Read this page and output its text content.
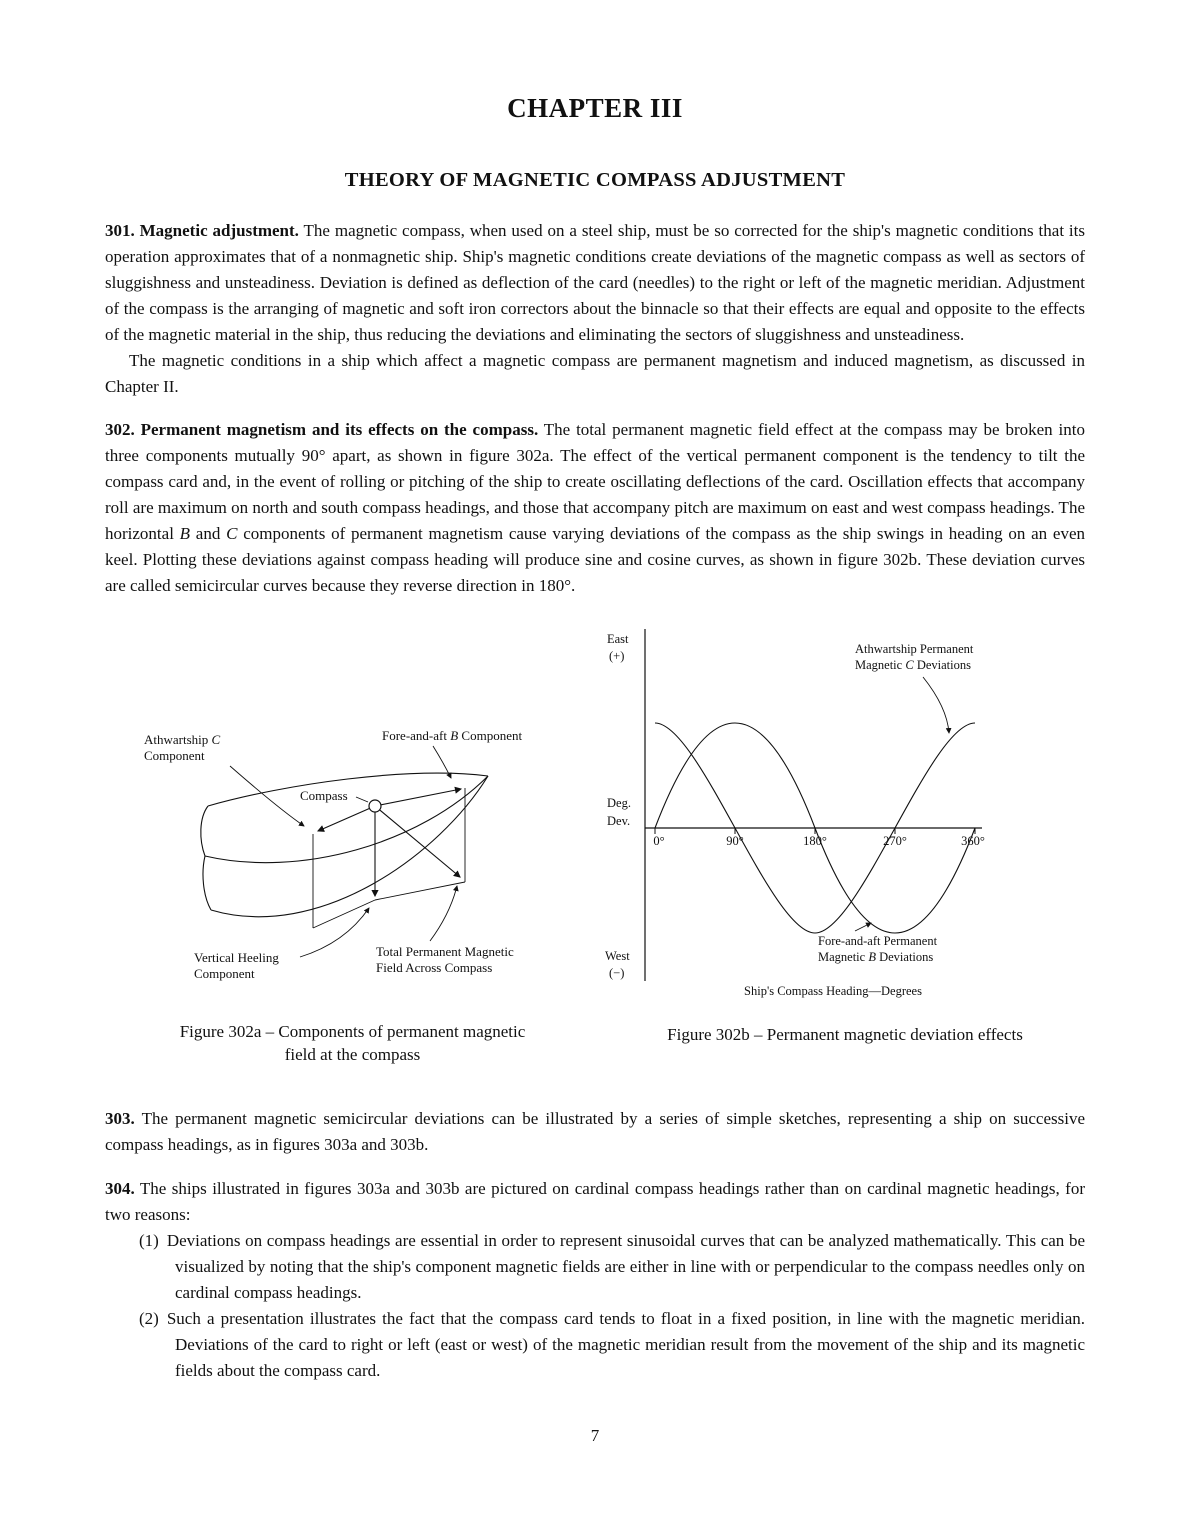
CHAPTER III
THEORY OF MAGNETIC COMPASS ADJUSTMENT

301. Magnetic adjustment. The magnetic compass, when used on a steel ship, must be so corrected for the ship's magnetic conditions that its operation approximates that of a nonmagnetic ship. Ship's magnetic conditions create deviations of the magnetic compass as well as sectors of sluggishness and unsteadiness. Deviation is defined as deflection of the card (needles) to the right or left of the magnetic meridian. Adjustment of the compass is the arranging of magnetic and soft iron correctors about the binnacle so that their effects are equal and opposite to the effects of the magnetic material in the ship, thus reducing the deviations and eliminating the sectors of sluggishness and unsteadiness.

The magnetic conditions in a ship which affect a magnetic compass are permanent magnetism and induced magnetism, as discussed in Chapter II.

302. Permanent magnetism and its effects on the compass. The total permanent magnetic field effect at the compass may be broken into three components mutually 90° apart, as shown in figure 302a. The effect of the vertical permanent component is the tendency to tilt the compass card and, in the event of rolling or pitching of the ship to create oscillating deflections of the card. Oscillation effects that accompany roll are maximum on north and south compass headings, and those that accompany pitch are maximum on east and west compass headings. The horizontal B and C components of permanent magnetism cause varying deviations of the compass as the ship swings in heading on an even keel. Plotting these deviations against compass heading will produce sine and cosine curves, as shown in figure 302b. These deviation curves are called semicircular curves because they reverse direction in 180°.

Athwartship C
Component
Fore-and-aft B Component
Compass
Vertical Heeling
Component
Total Permanent Magnetic
Field Across Compass
Figure 302a – Components of permanent magnetic
field at the compass
East
(+)
Deg.
Dev.
West
(−)
0°	90°	180°	270°	360°
Athwartship Permanent
Magnetic C Deviations
Fore-and-aft Permanent
Magnetic B Deviations
Ship's Compass Heading—Degrees
Figure 302b – Permanent magnetic deviation effects

303. The permanent magnetic semicircular deviations can be illustrated by a series of simple sketches, representing a ship on successive compass headings, as in figures 303a and 303b.

304. The ships illustrated in figures 303a and 303b are pictured on cardinal compass headings rather than on cardinal magnetic headings, for two reasons:

(1) Deviations on compass headings are essential in order to represent sinusoidal curves that can be analyzed mathematically. This can be visualized by noting that the ship's component magnetic fields are either in line with or perpendicular to the compass needles only on cardinal compass headings.
(2) Such a presentation illustrates the fact that the compass card tends to float in a fixed position, in line with the magnetic meridian. Deviations of the card to right or left (east or west) of the magnetic meridian result from the movement of the ship and its magnetic fields about the compass card.
7
